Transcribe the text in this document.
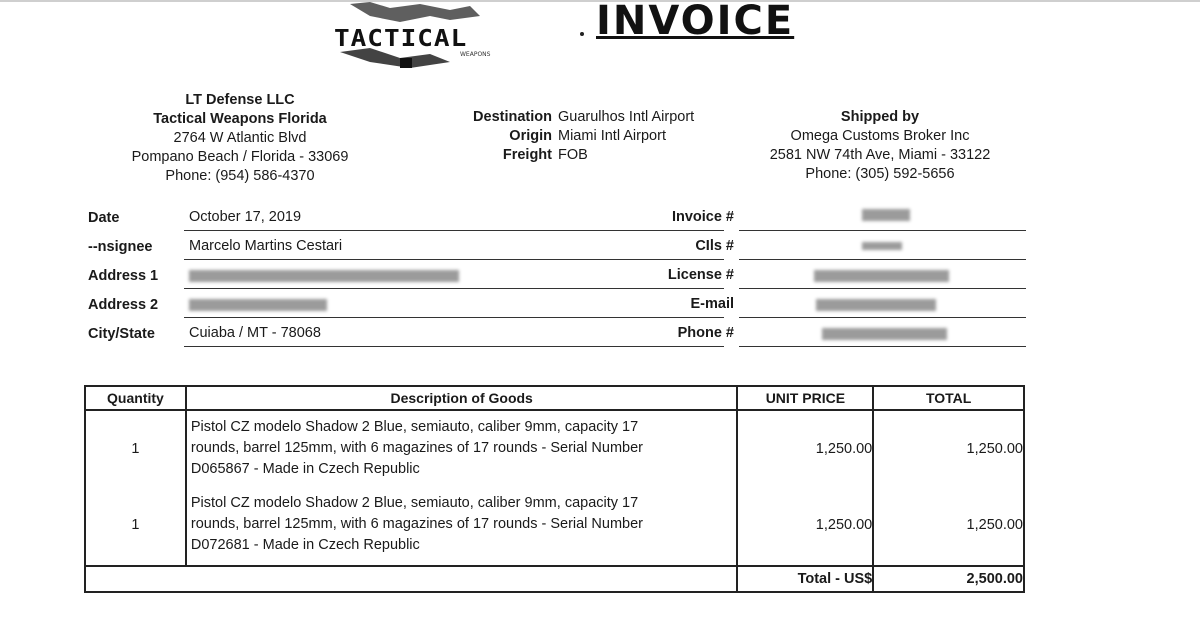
WEAPONS
TACTICAL	INVOICE
LT Defense LLC
Tactical Weapons Florida
2764 W Atlantic Blvd
Pompano Beach / Florida - 33069
Phone: (954) 586-4370
Destination Guarulhos Intl Airport
Origin Miami Intl Airport
Freight FOB
Shipped by
Omega Customs Broker Inc
2581 NW 74th Ave, Miami - 33122
Phone: (305) 592-5656
Date	October 17, 2019	Invoice #
‐‐nsignee	Marcelo Martins Cestari	CIls #
Address 1	License #
Address 2	E-mail
City/State Cuiaba / MT - 78068	Phone #
Quantity	Description of Goods	UNIT PRICE	TOTAL

1	Pistol CZ modelo Shadow 2 Blue, semiauto, caliber 9mm, capacity 17
rounds, barrel 125mm, with 6 magazines of 17 rounds - Serial Number
D065867 - Made in Czech Republic	1,250.00	1,250.00
1	Pistol CZ modelo Shadow 2 Blue, semiauto, caliber 9mm, capacity 17
rounds, barrel 125mm, with 6 magazines of 17 rounds - Serial Number
D072681 - Made in Czech Republic	1,250.00	1,250.00
		Total - US$	2,500.00
